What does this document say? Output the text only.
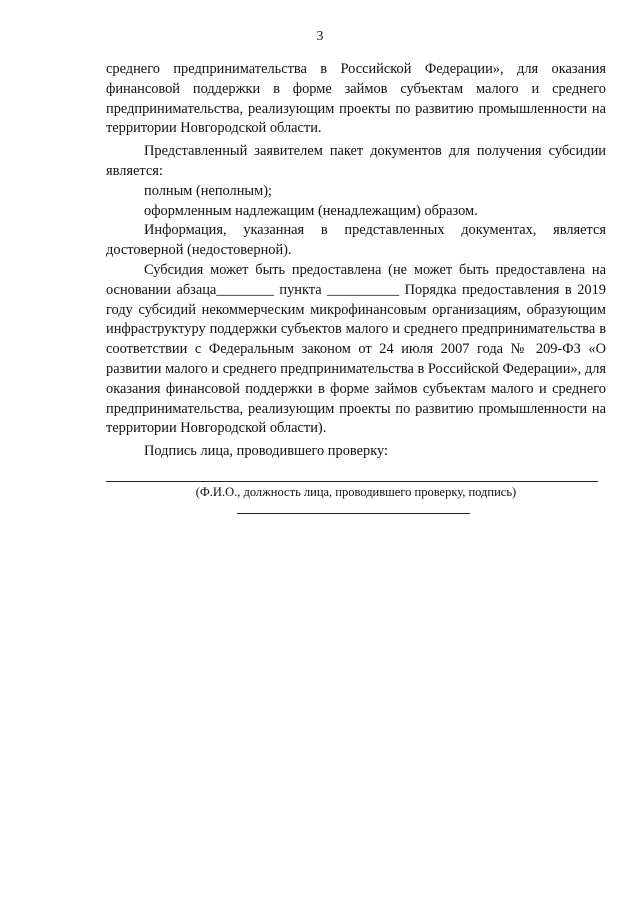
3

среднего предпринимательства в Российской Федерации», для оказания финансовой поддержки в форме займов субъектам малого и среднего предпринимательства, реализующим проекты по развитию промышленности на территории Новгородской области.

Представленный заявителем пакет документов для получения субсидии является:

полным (неполным);

оформленным надлежащим (ненадлежащим) образом.

Информация, указанная в представленных документах, является достоверной (недостоверной).

Субсидия может быть предоставлена (не может быть предоставлена на основании абзаца________ пункта __________ Порядка предоставления в 2019 году субсидий некоммерческим микрофинансовым организациям, образующим инфраструктуру поддержки субъектов малого и среднего предпринимательства в соответствии с Федеральным законом от 24 июля 2007 года № 209-ФЗ «О развитии малого и среднего предпринимательства в Российской Федерации», для оказания финансовой поддержки в форме займов субъектам малого и среднего предпринимательства, реализующим проекты по развитию промышленности на территории Новгородской области).

Подпись лица, проводившего проверку:

(Ф.И.О., должность лица, проводившего проверку, подпись)
